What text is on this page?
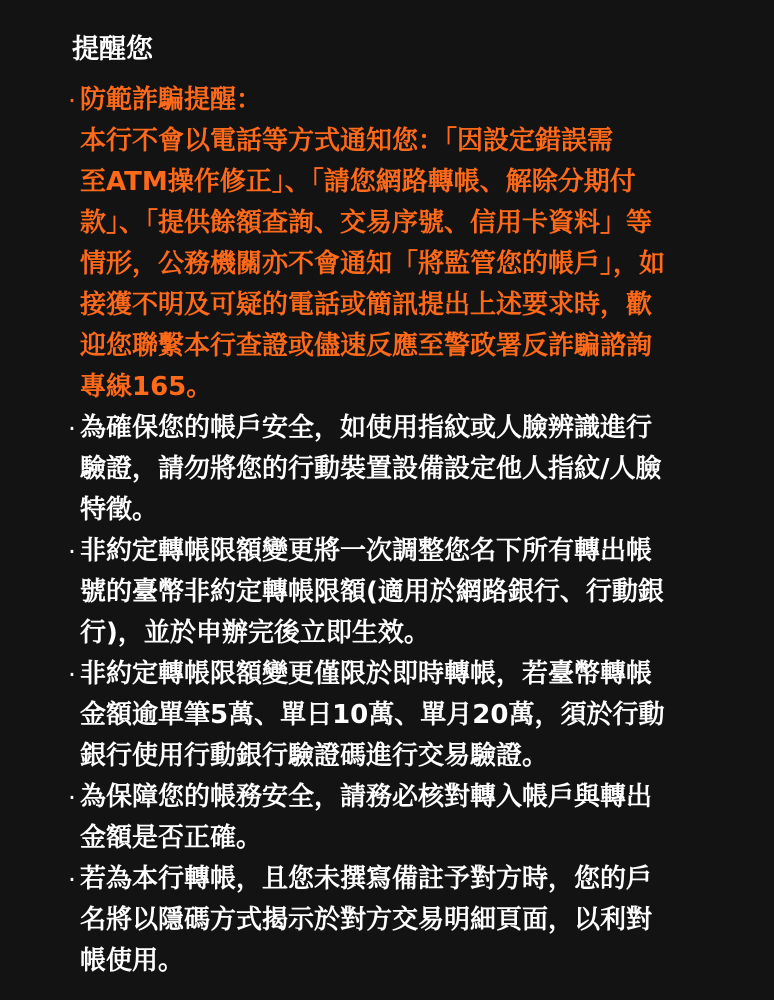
提醒您
· 防範詐騙提醒：
本行不會以電話等方式通知您：「因設定錯誤需
至ATM操作修正」、「請您網路轉帳、解除分期付
款」、「提供餘額查詢、交易序號、信用卡資料」等
情形，公務機關亦不會通知「將監管您的帳戶」，如
接獲不明及可疑的電話或簡訊提出上述要求時，歡
迎您聯繫本行查證或儘速反應至警政署反詐騙諮詢
專線165。
· 為確保您的帳戶安全，如使用指紋或人臉辨識進行
驗證，請勿將您的行動裝置設備設定他人指紋/人臉
特徵。
· 非約定轉帳限額變更將一次調整您名下所有轉出帳
號的臺幣非約定轉帳限額(適用於網路銀行、行動銀
行)，並於申辦完後立即生效。
· 非約定轉帳限額變更僅限於即時轉帳，若臺幣轉帳
金額逾單筆5萬、單日10萬、單月20萬，須於行動
銀行使用行動銀行驗證碼進行交易驗證。
· 為保障您的帳務安全，請務必核對轉入帳戶與轉出
金額是否正確。
· 若為本行轉帳，且您未撰寫備註予對方時，您的戶
名將以隱碼方式揭示於對方交易明細頁面，以利對
帳使用。
